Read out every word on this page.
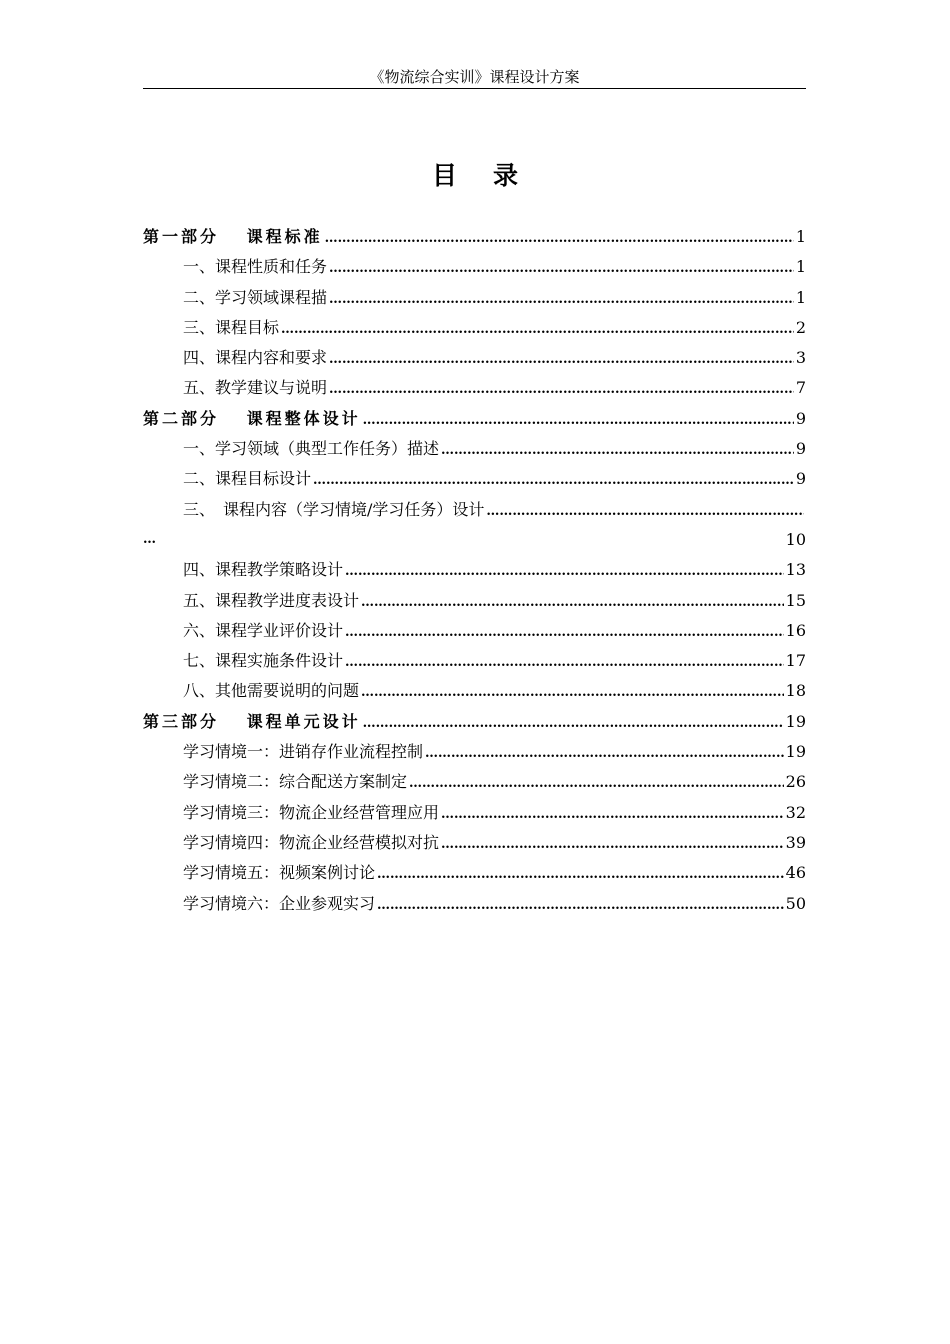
《物流综合实训》课程设计方案
目录
第一部分　 课程标准 ………………………………………………………………………………………………………………………………………………………………………………	1
一、课程性质和任务 ………………………………………………………………………………………………………………………………………………………………………………	1
二、学习领域课程描 ………………………………………………………………………………………………………………………………………………………………………………	1
三、课程目标 ………………………………………………………………………………………………………………………………………………………………………………	2
四、课程内容和要求 ………………………………………………………………………………………………………………………………………………………………………………	3
五、教学建议与说明 ………………………………………………………………………………………………………………………………………………………………………………	7
第二部分　 课程整体设计 ………………………………………………………………………………………………………………………………………………………………………………	9
一、学习领域（典型工作任务）描述 ………………………………………………………………………………………………………………………………………………………………………………	9
二、课程目标设计 ………………………………………………………………………………………………………………………………………………………………………………	9
三、　课程内容（学习情境/学习任务）设计
………………………………………………………………………………………………………………………………………………………………………………
…	10
四、课程教学策略设计 ………………………………………………………………………………………………………………………………………………………………………………	13
五、课程教学进度表设计 ………………………………………………………………………………………………………………………………………………………………………………	15
六、课程学业评价设计 ………………………………………………………………………………………………………………………………………………………………………………	16
七、课程实施条件设计 ………………………………………………………………………………………………………………………………………………………………………………	17
八、其他需要说明的问题 ………………………………………………………………………………………………………………………………………………………………………………	18
第三部分　 课程单元设计 ………………………………………………………………………………………………………………………………………………………………………………	19
学习情境一：进销存作业流程控制 ………………………………………………………………………………………………………………………………………………………………………………	19
学习情境二：综合配送方案制定 ………………………………………………………………………………………………………………………………………………………………………………	26
学习情境三：物流企业经营管理应用 ………………………………………………………………………………………………………………………………………………………………………………	32
学习情境四：物流企业经营模拟对抗 ………………………………………………………………………………………………………………………………………………………………………………	39
学习情境五：视频案例讨论 ………………………………………………………………………………………………………………………………………………………………………………	46
学习情境六：企业参观实习 ………………………………………………………………………………………………………………………………………………………………………………	50
